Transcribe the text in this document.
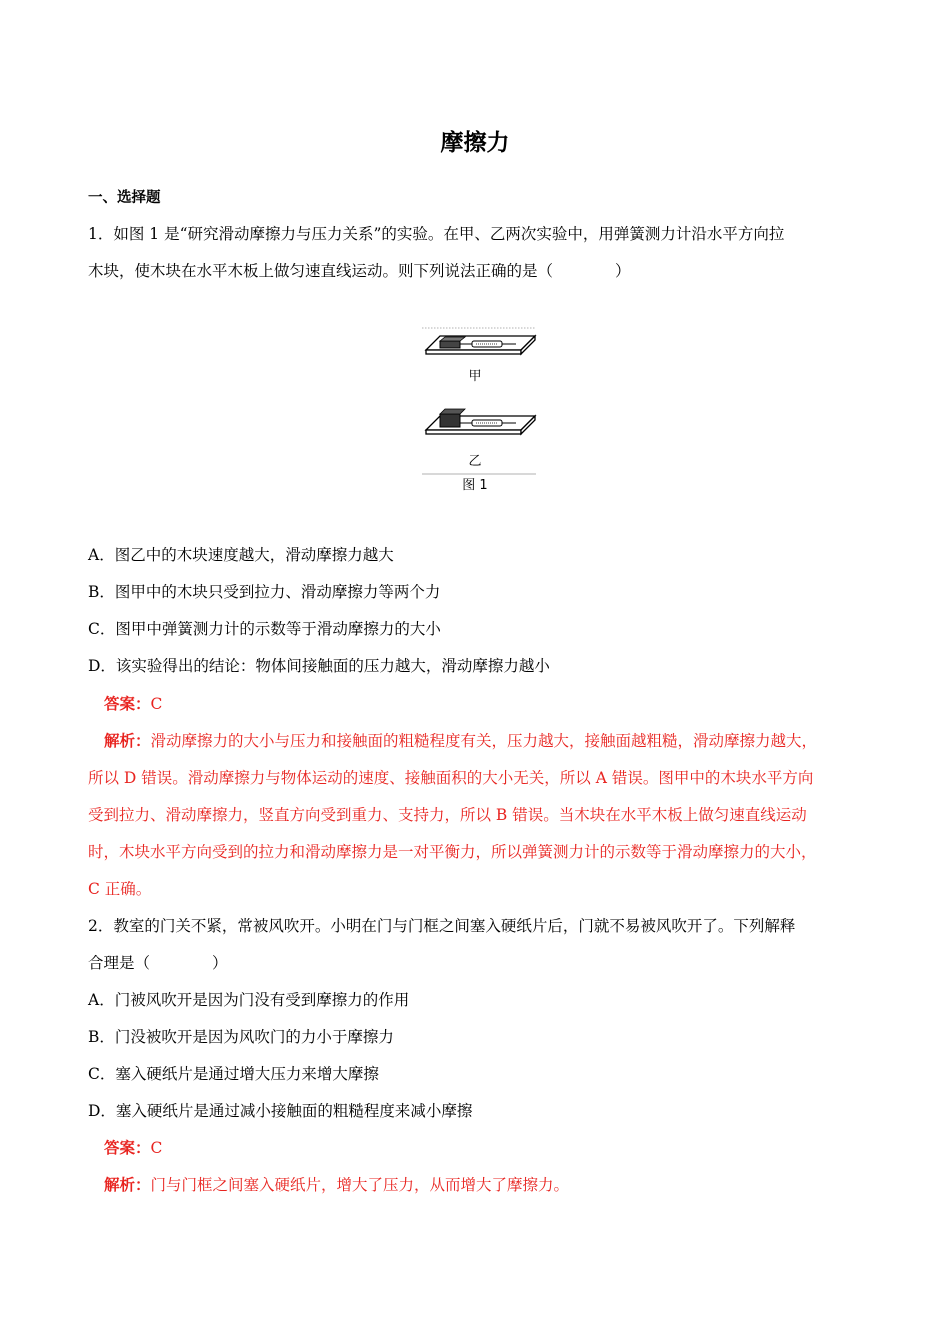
摩擦力
一、选择题
1．如图 1 是“研究滑动摩擦力与压力关系”的实验。在甲、乙两次实验中，用弹簧测力计沿水平方向拉
木块，使木块在水平木板上做匀速直线运动。则下列说法正确的是（　　　　）
甲
乙
图 1
A．图乙中的木块速度越大，滑动摩擦力越大
B．图甲中的木块只受到拉力、滑动摩擦力等两个力
C．图甲中弹簧测力计的示数等于滑动摩擦力的大小
D．该实验得出的结论：物体间接触面的压力越大，滑动摩擦力越小
答案：C
解析：滑动摩擦力的大小与压力和接触面的粗糙程度有关，压力越大，接触面越粗糙，滑动摩擦力越大，
所以 D 错误。滑动摩擦力与物体运动的速度、接触面积的大小无关，所以 A 错误。图甲中的木块水平方向
受到拉力、滑动摩擦力，竖直方向受到重力、支持力，所以 B 错误。当木块在水平木板上做匀速直线运动
时，木块水平方向受到的拉力和滑动摩擦力是一对平衡力，所以弹簧测力计的示数等于滑动摩擦力的大小，
C 正确。
2．教室的门关不紧，常被风吹开。小明在门与门框之间塞入硬纸片后，门就不易被风吹开了。下列解释
合理是（　　　　）
A．门被风吹开是因为门没有受到摩擦力的作用
B．门没被吹开是因为风吹门的力小于摩擦力
C．塞入硬纸片是通过增大压力来增大摩擦
D．塞入硬纸片是通过减小接触面的粗糙程度来减小摩擦
答案：C
解析：门与门框之间塞入硬纸片，增大了压力，从而增大了摩擦力。
